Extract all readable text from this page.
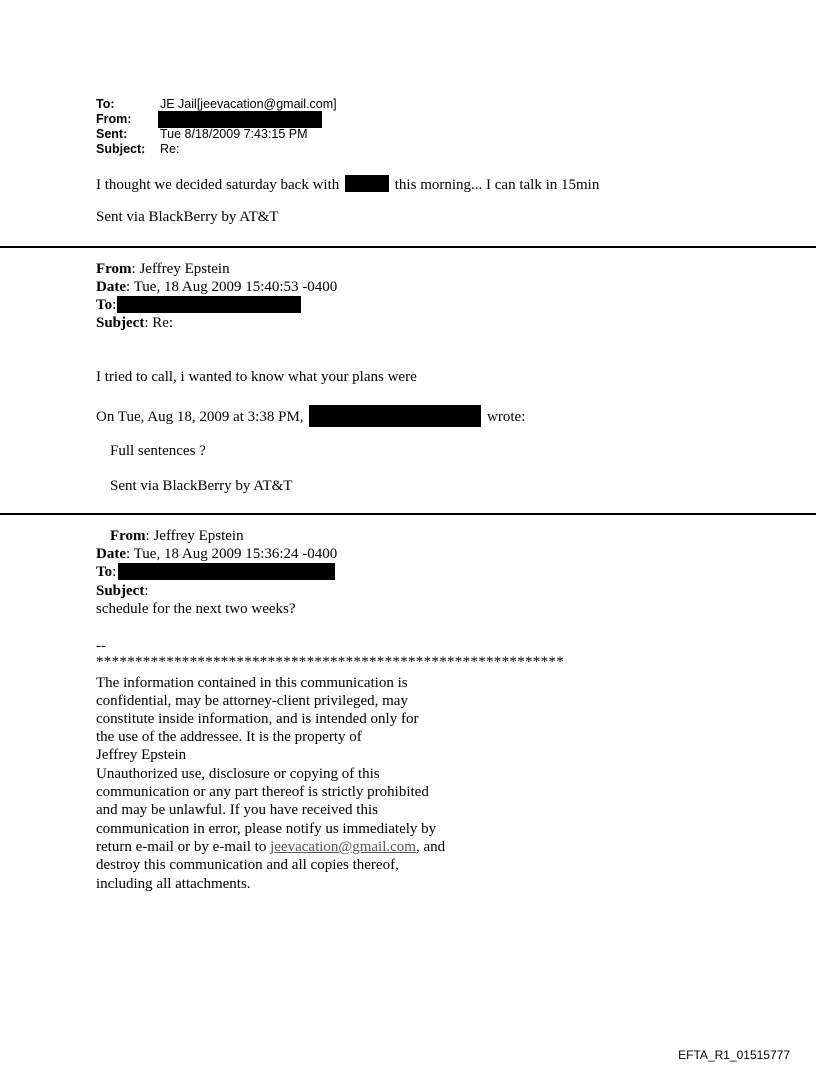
To:	JE Jail[jeevacation@gmail.com]
From:
Sent:	Tue 8/18/2009 7:43:15 PM
Subject: Re:
I thought we decided saturday back with	this morning... I can talk in 15min
Sent via BlackBerry by AT&T
From: Jeffrey Epstein
Date: Tue, 18 Aug 2009 15:40:53 -0400
To:
Subject: Re:
I tried to call, i wanted to know what your plans were
On Tue, Aug 18, 2009 at 3:38 PM,	wrote:
Full sentences ?
Sent via BlackBerry by AT&T
From: Jeffrey Epstein
Date: Tue, 18 Aug 2009 15:36:24 -0400
To:
Subject:
schedule for the next two weeks?
--
************************************************************
The information contained in this communication is
confidential, may be attorney-client privileged, may
constitute inside information, and is intended only for
the use of the addressee. It is the property of
Jeffrey Epstein
Unauthorized use, disclosure or copying of this
communication or any part thereof is strictly prohibited
and may be unlawful. If you have received this
communication in error, please notify us immediately by
return e-mail or by e-mail to jeevacation@gmail.com, and
destroy this communication and all copies thereof,
including all attachments.
EFTA_R1_01515777
